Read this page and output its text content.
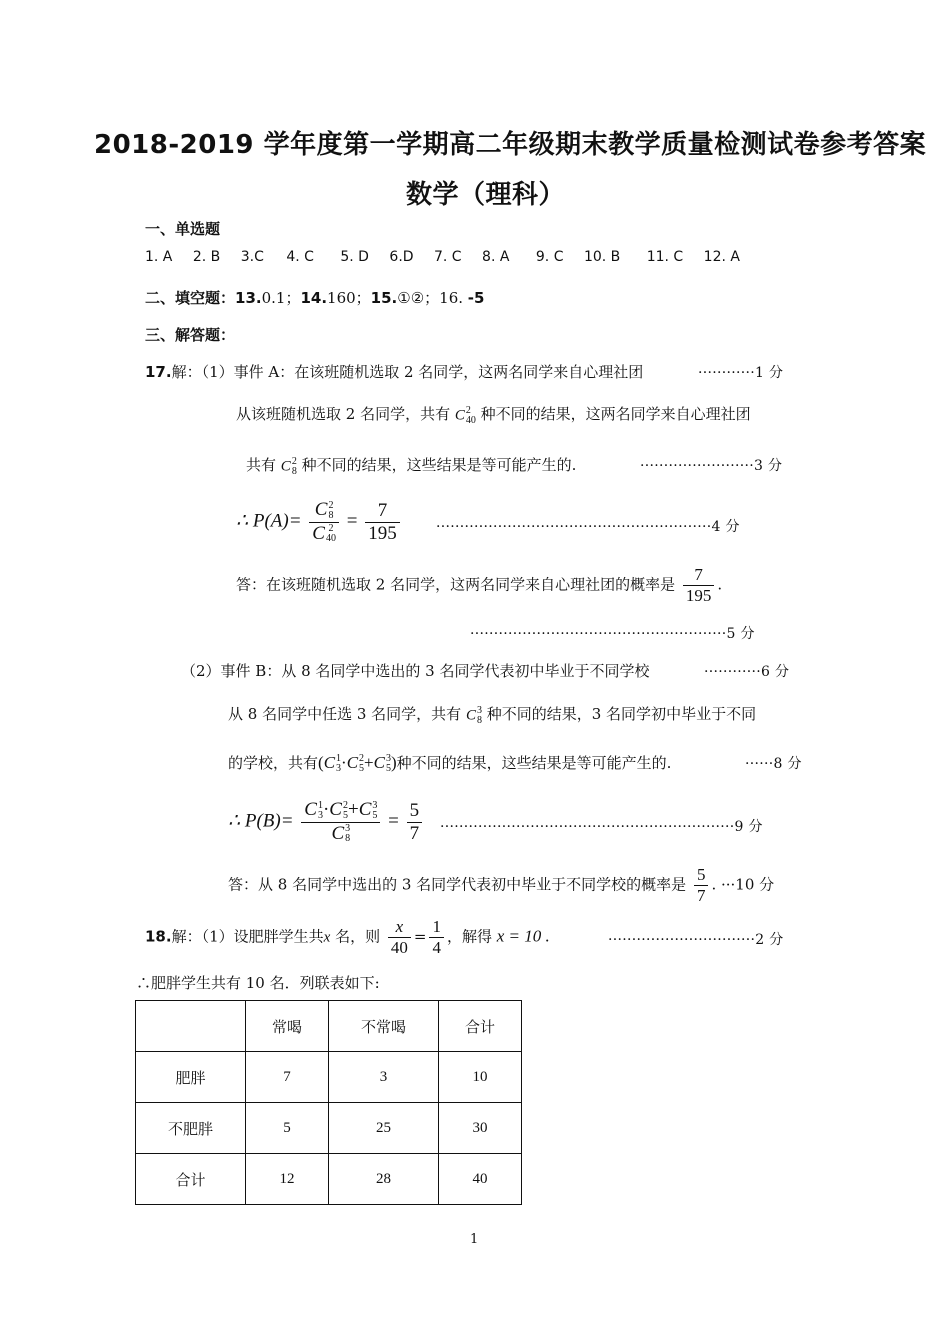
2018-2019 学年度第一学期高二年级期末教学质量检测试卷参考答案
数学（理科）
一、单选题
1. A 2. B 3.C 4. C 5. D 6.D 7. C 8. A 9. C 10. B 11. C 12. A
二、填空题：13.0.1；14.160；15.①②；16. -5
三、解答题：
17.解：（1）事件 A：在该班随机选取 2 名同学，这两名同学来自心理社团	············1 分
从该班随机选取 2 名同学，共有 C 2
40 种不同的结果，这两名同学来自心理社团
共有 C 2
8 种不同的结果，这些结果是等可能产生的.	························3 分
∴ P(A)= C 2
8
C 2
$40 = \frac{7}{195}$	··························································4 分
答：在该班随机选取 2 名同学，这两名同学来自心理社团的概率是 $\frac{7}{195}$ .
······················································5 分
（2）事件 B：从 8 名同学中选出的 3 名同学代表初中毕业于不同学校	············6 分
从 8 名同学中任选 3 名同学，共有 C 3
8 种不同的结果，3 名同学初中毕业于不同
的学校，共有(C 1
3 ·C 2
5 +C 3
5 )种不同的结果，这些结果是等可能产生的.	······8 分
∴ P(B)= C 1
3 ·C 2
5 +C 3
5
C 3
$8 = \frac{5}{7} \cdot\cdot\cdot\cdot\cdot\cdot\cdot\cdot\cdot\cdot\cdot\cdot\cdot\cdot\cdot\cdot\cdot\cdot\cdot\cdot\cdot\cdot\cdot\cdot\cdot\cdot\cdot\cdot\cdot\cdot\cdot\cdot\cdot\cdot\cdot\cdot\cdot\cdot\cdot\cdot\cdot\cdot\cdot\cdot\cdot\cdot\cdot\cdot\cdot\cdot\cdot\cdot\cdot\cdot\cdot\cdot\cdot\cdot\cdot\cdot\cdot\cdot 9$ 分
答：从 8 名同学中选出的 3 名同学代表初中毕业于不同学校的概率是 $\frac{5}{7}$ . ···10 分
18.解：（1）设肥胖学生共x 名，则 $\frac{x}{40} = \frac{1}{4}$ ，解得 x = 10 .	·······························2 分
∴肥胖学生共有 10 名．列联表如下:
	常喝	不常喝	合计
肥胖	7	3	10
不肥胖	5	25	30
合计	12	28	40
1
